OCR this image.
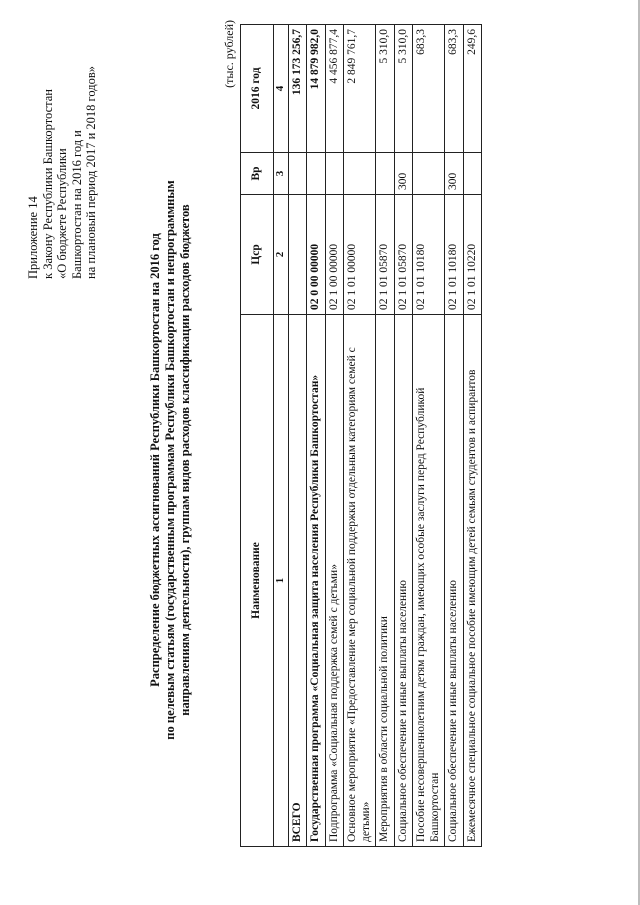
Приложение 14 к Закону Республики Башкортостан «О бюджете Республики Башкортостан на 2016 год и на плановый период 2017 и 2018 годов»
Распределение бюджетных ассигнований Республики Башкортостан на 2016 год по целевым статьям (государственным программам Республики Башкортостан и непрограммным направлениям деятельности), группам видов расходов классификации расходов бюджетов
(тыс. рублей)
Наименование	Цср	Вр	2016 год
1	2	3	4
ВСЕГО			136 173 256,7
Государственная программа «Социальная защита населения Республики Башкортостан»	02 0 00 00000		14 879 982,0
Подпрограмма «Социальная поддержка семей с детьми»	02 1 00 00000		4 456 877,4
Основное мероприятие «Предоставление мер социальной поддержки отдельным категориям семей с детьми»	02 1 01 00000		2 849 761,7
Мероприятия в области социальной политики	02 1 01 05870		5 310,0
Социальное обеспечение и иные выплаты населению	02 1 01 05870	300	5 310,0
Пособие несовершеннолетним детям граждан, имеющих особые заслуги перед Республикой Башкортостан	02 1 01 10180		683,3
Социальное обеспечение и иные выплаты населению	02 1 01 10180	300	683,3
Ежемесячное специальное социальное пособие имеющим детей семьям студентов и аспирантов	02 1 01 10220		249,6
